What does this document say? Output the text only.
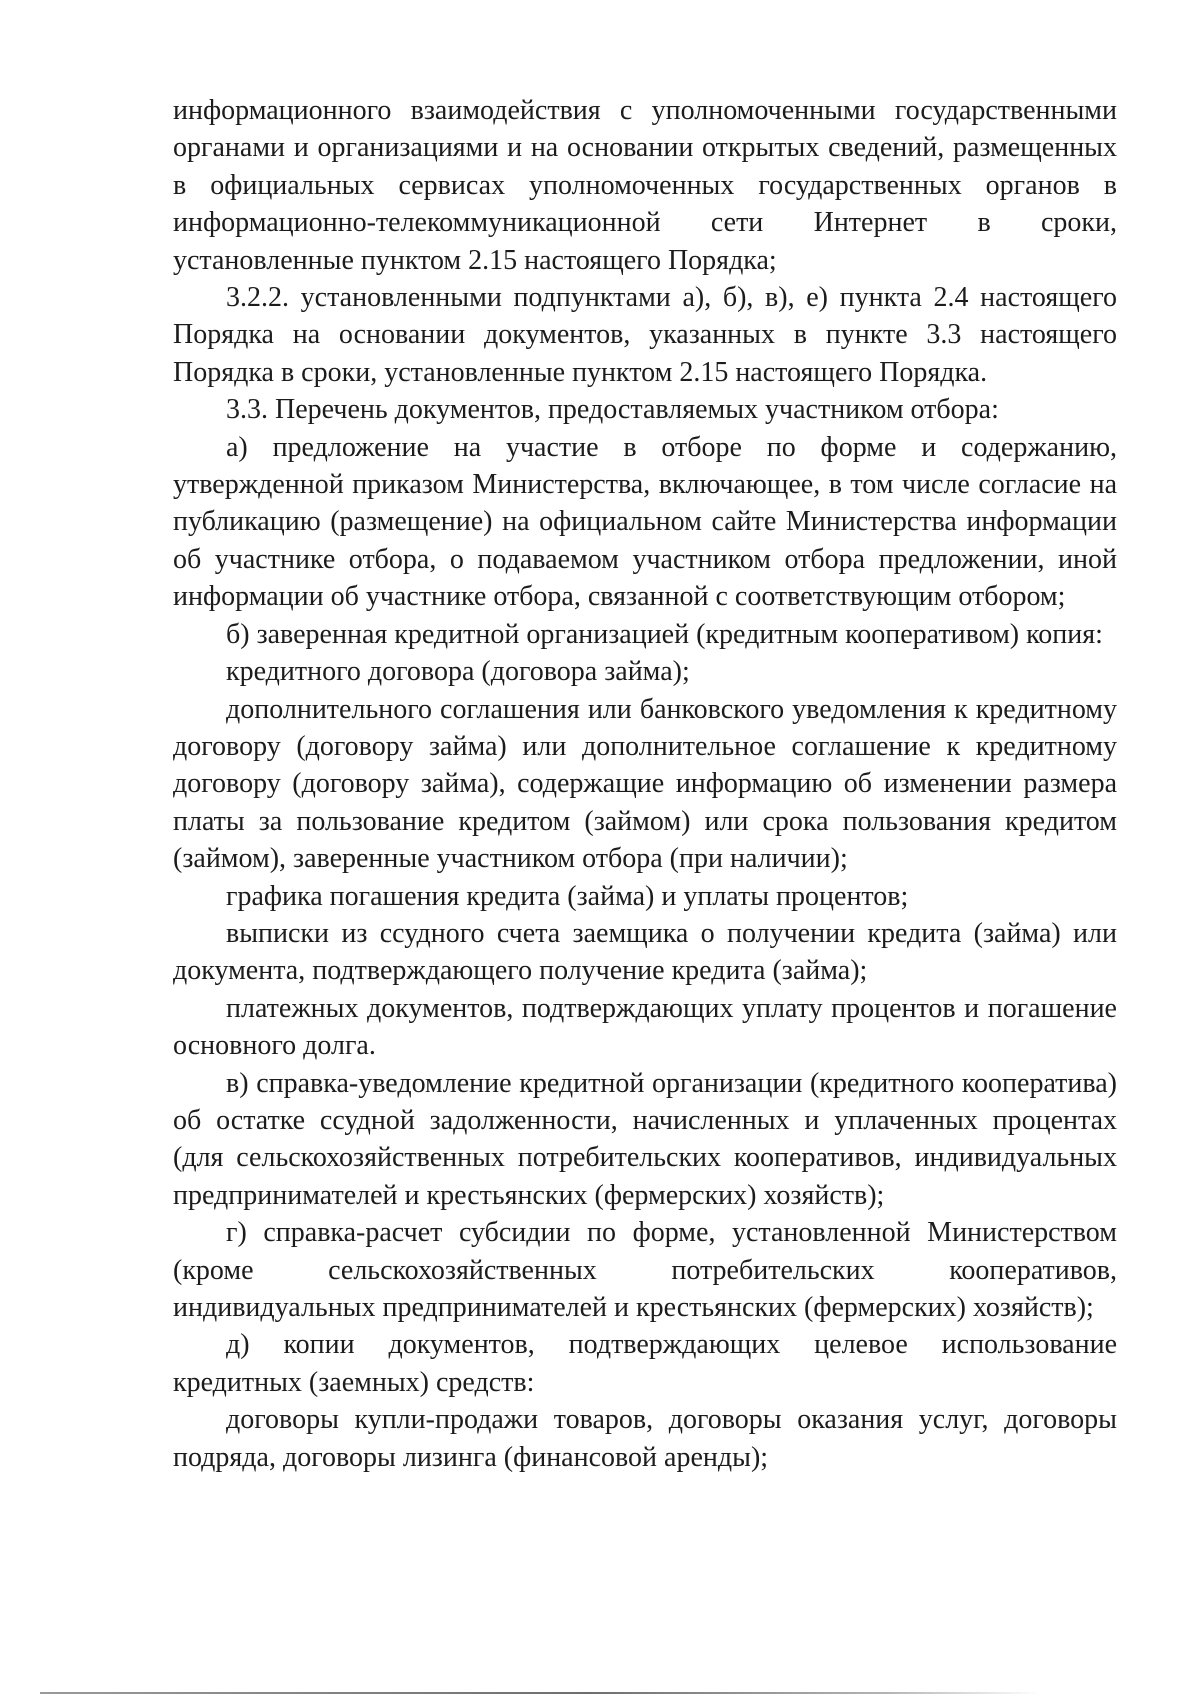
информационного взаимодействия с уполномоченными государственными органами и организациями и на основании открытых сведений, размещенных в официальных сервисах уполномоченных государственных органов в информационно-телекоммуникационной сети Интернет в сроки, установленные пунктом 2.15 настоящего Порядка;

3.2.2. установленными подпунктами а), б), в), е) пункта 2.4 настоящего Порядка на основании документов, указанных в пункте 3.3 настоящего Порядка в сроки, установленные пунктом 2.15 настоящего Порядка.

3.3. Перечень документов, предоставляемых участником отбора:

а) предложение на участие в отборе по форме и содержанию, утвержденной приказом Министерства, включающее, в том числе согласие на публикацию (размещение) на официальном сайте Министерства информации об участнике отбора, о подаваемом участником отбора предложении, иной информации об участнике отбора, связанной с соответствующим отбором;

б) заверенная кредитной организацией (кредитным кооперативом) копия:

кредитного договора (договора займа);

дополнительного соглашения или банковского уведомления к кредитному договору (договору займа) или дополнительное соглашение к кредитному договору (договору займа), содержащие информацию об изменении размера платы за пользование кредитом (займом) или срока пользования кредитом (займом), заверенные участником отбора (при наличии);

графика погашения кредита (займа) и уплаты процентов;

выписки из ссудного счета заемщика о получении кредита (займа) или документа, подтверждающего получение кредита (займа);

платежных документов, подтверждающих уплату процентов и погашение основного долга.

в) справка-уведомление кредитной организации (кредитного кооператива) об остатке ссудной задолженности, начисленных и уплаченных процентах (для сельскохозяйственных потребительских кооперативов, индивидуальных предпринимателей и крестьянских (фермерских) хозяйств);

г) справка-расчет субсидии по форме, установленной Министерством (кроме сельскохозяйственных потребительских кооперативов, индивидуальных предпринимателей и крестьянских (фермерских) хозяйств);

д) копии документов, подтверждающих целевое использование кредитных (заемных) средств:

договоры купли-продажи товаров, договоры оказания услуг, договоры подряда, договоры лизинга (финансовой аренды);
